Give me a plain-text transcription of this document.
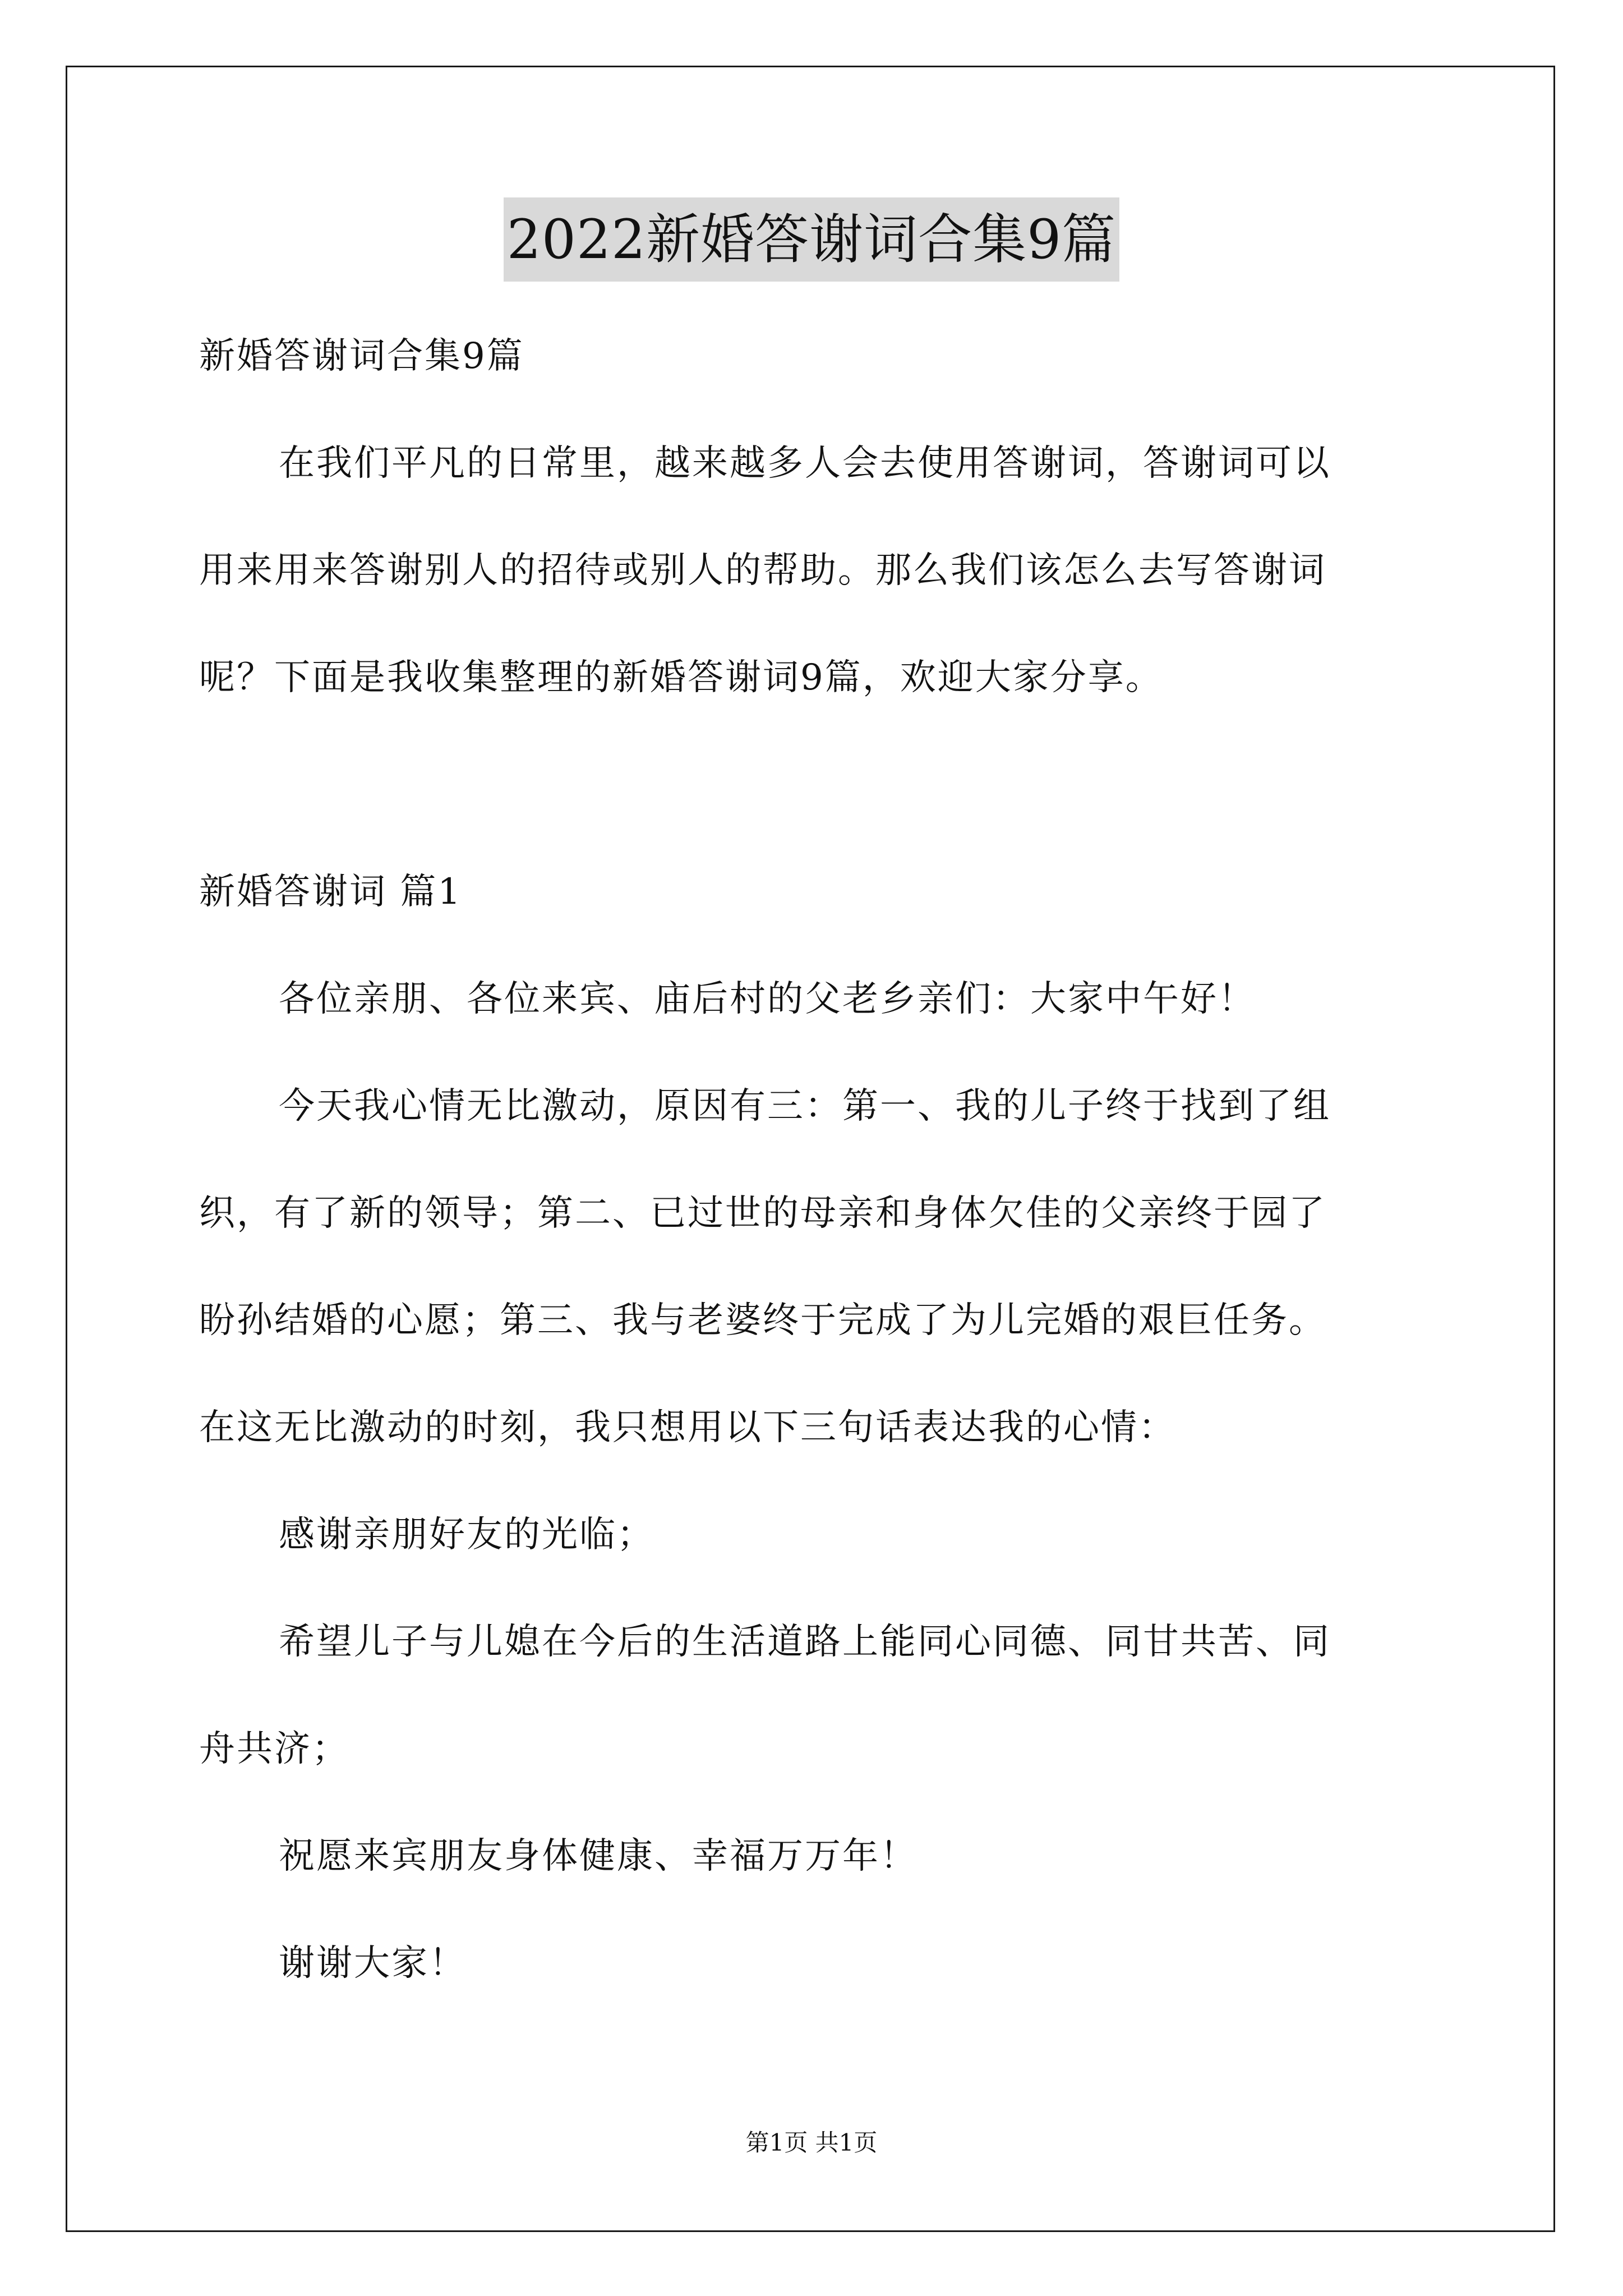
2022新婚答谢词合集9篇
新婚答谢词合集9篇
在我们平凡的日常里，越来越多人会去使用答谢词，答谢词可以
用来用来答谢别人的招待或别人的帮助。那么我们该怎么去写答谢词
呢？下面是我收集整理的新婚答谢词9篇，欢迎大家分享。
新婚答谢词 篇1
各位亲朋、各位来宾、庙后村的父老乡亲们：大家中午好！
今天我心情无比激动，原因有三：第一、我的儿子终于找到了组
织，有了新的领导；第二、已过世的母亲和身体欠佳的父亲终于园了
盼孙结婚的心愿；第三、我与老婆终于完成了为儿完婚的艰巨任务。
在这无比激动的时刻，我只想用以下三句话表达我的心情：
感谢亲朋好友的光临；
希望儿子与儿媳在今后的生活道路上能同心同德、同甘共苦、同
舟共济；
祝愿来宾朋友身体健康、幸福万万年！
谢谢大家！
第1页 共1页
